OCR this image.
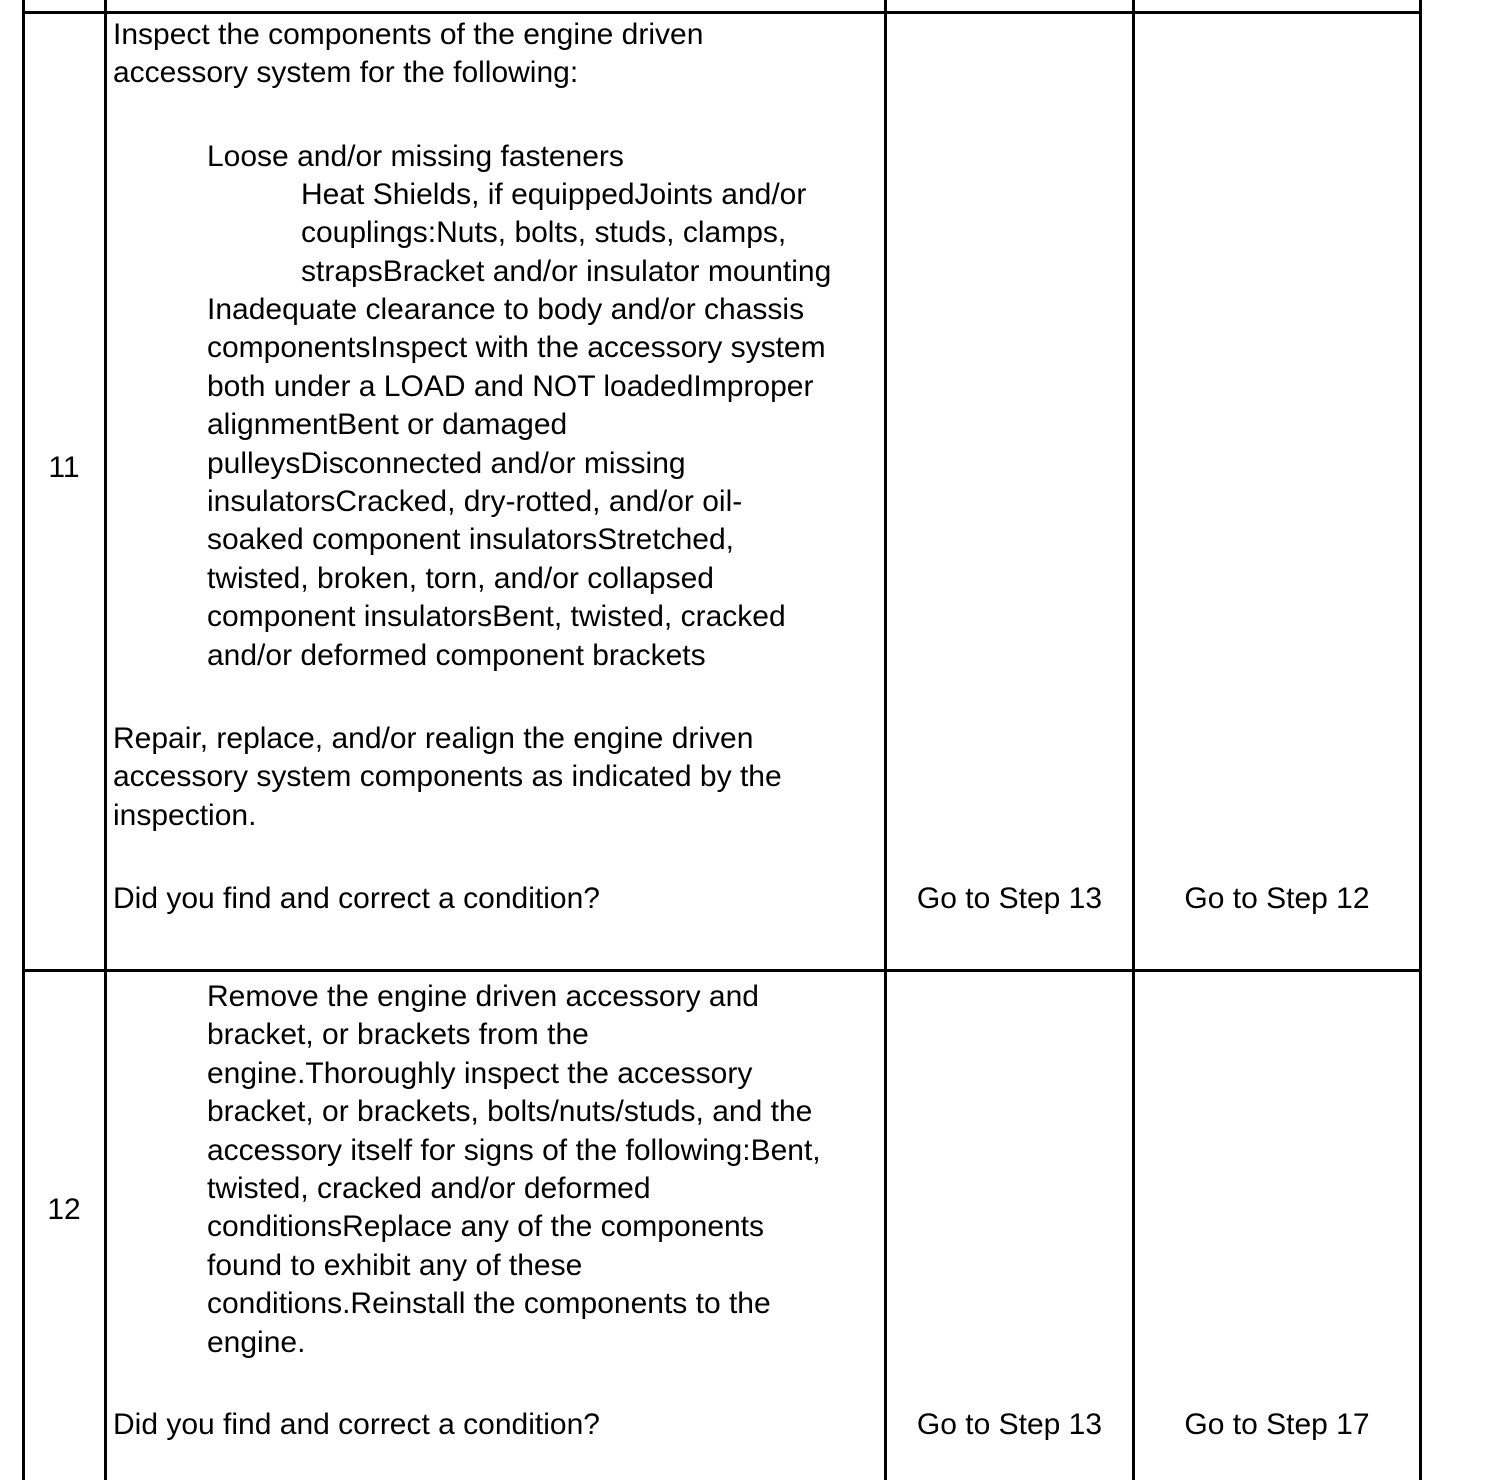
11

Inspect the components of the engine driven
accessory system for the following:

Loose and/or missing fasteners

Heat Shields, if equippedJoints and/or
couplings:Nuts, bolts, studs, clamps,
strapsBracket and/or insulator mounting

Inadequate clearance to body and/or chassis
componentsInspect with the accessory system
both under a LOAD and NOT loadedImproper
alignmentBent or damaged
pulleysDisconnected and/or missing
insulatorsCracked, dry-rotted, and/or oil-
soaked component insulatorsStretched,
twisted, broken, torn, and/or collapsed
component insulatorsBent, twisted, cracked
and/or deformed component brackets

Repair, replace, and/or realign the engine driven
accessory system components as indicated by the
inspection.

Did you find and correct a condition?	Go to Step 13	Go to Step 12

12

Remove the engine driven accessory and
bracket, or brackets from the
engine.Thoroughly inspect the accessory
bracket, or brackets, bolts/nuts/studs, and the
accessory itself for signs of the following:Bent,
twisted, cracked and/or deformed
conditionsReplace any of the components
found to exhibit any of these
conditions.Reinstall the components to the
engine.

Did you find and correct a condition?	Go to Step 13	Go to Step 17
